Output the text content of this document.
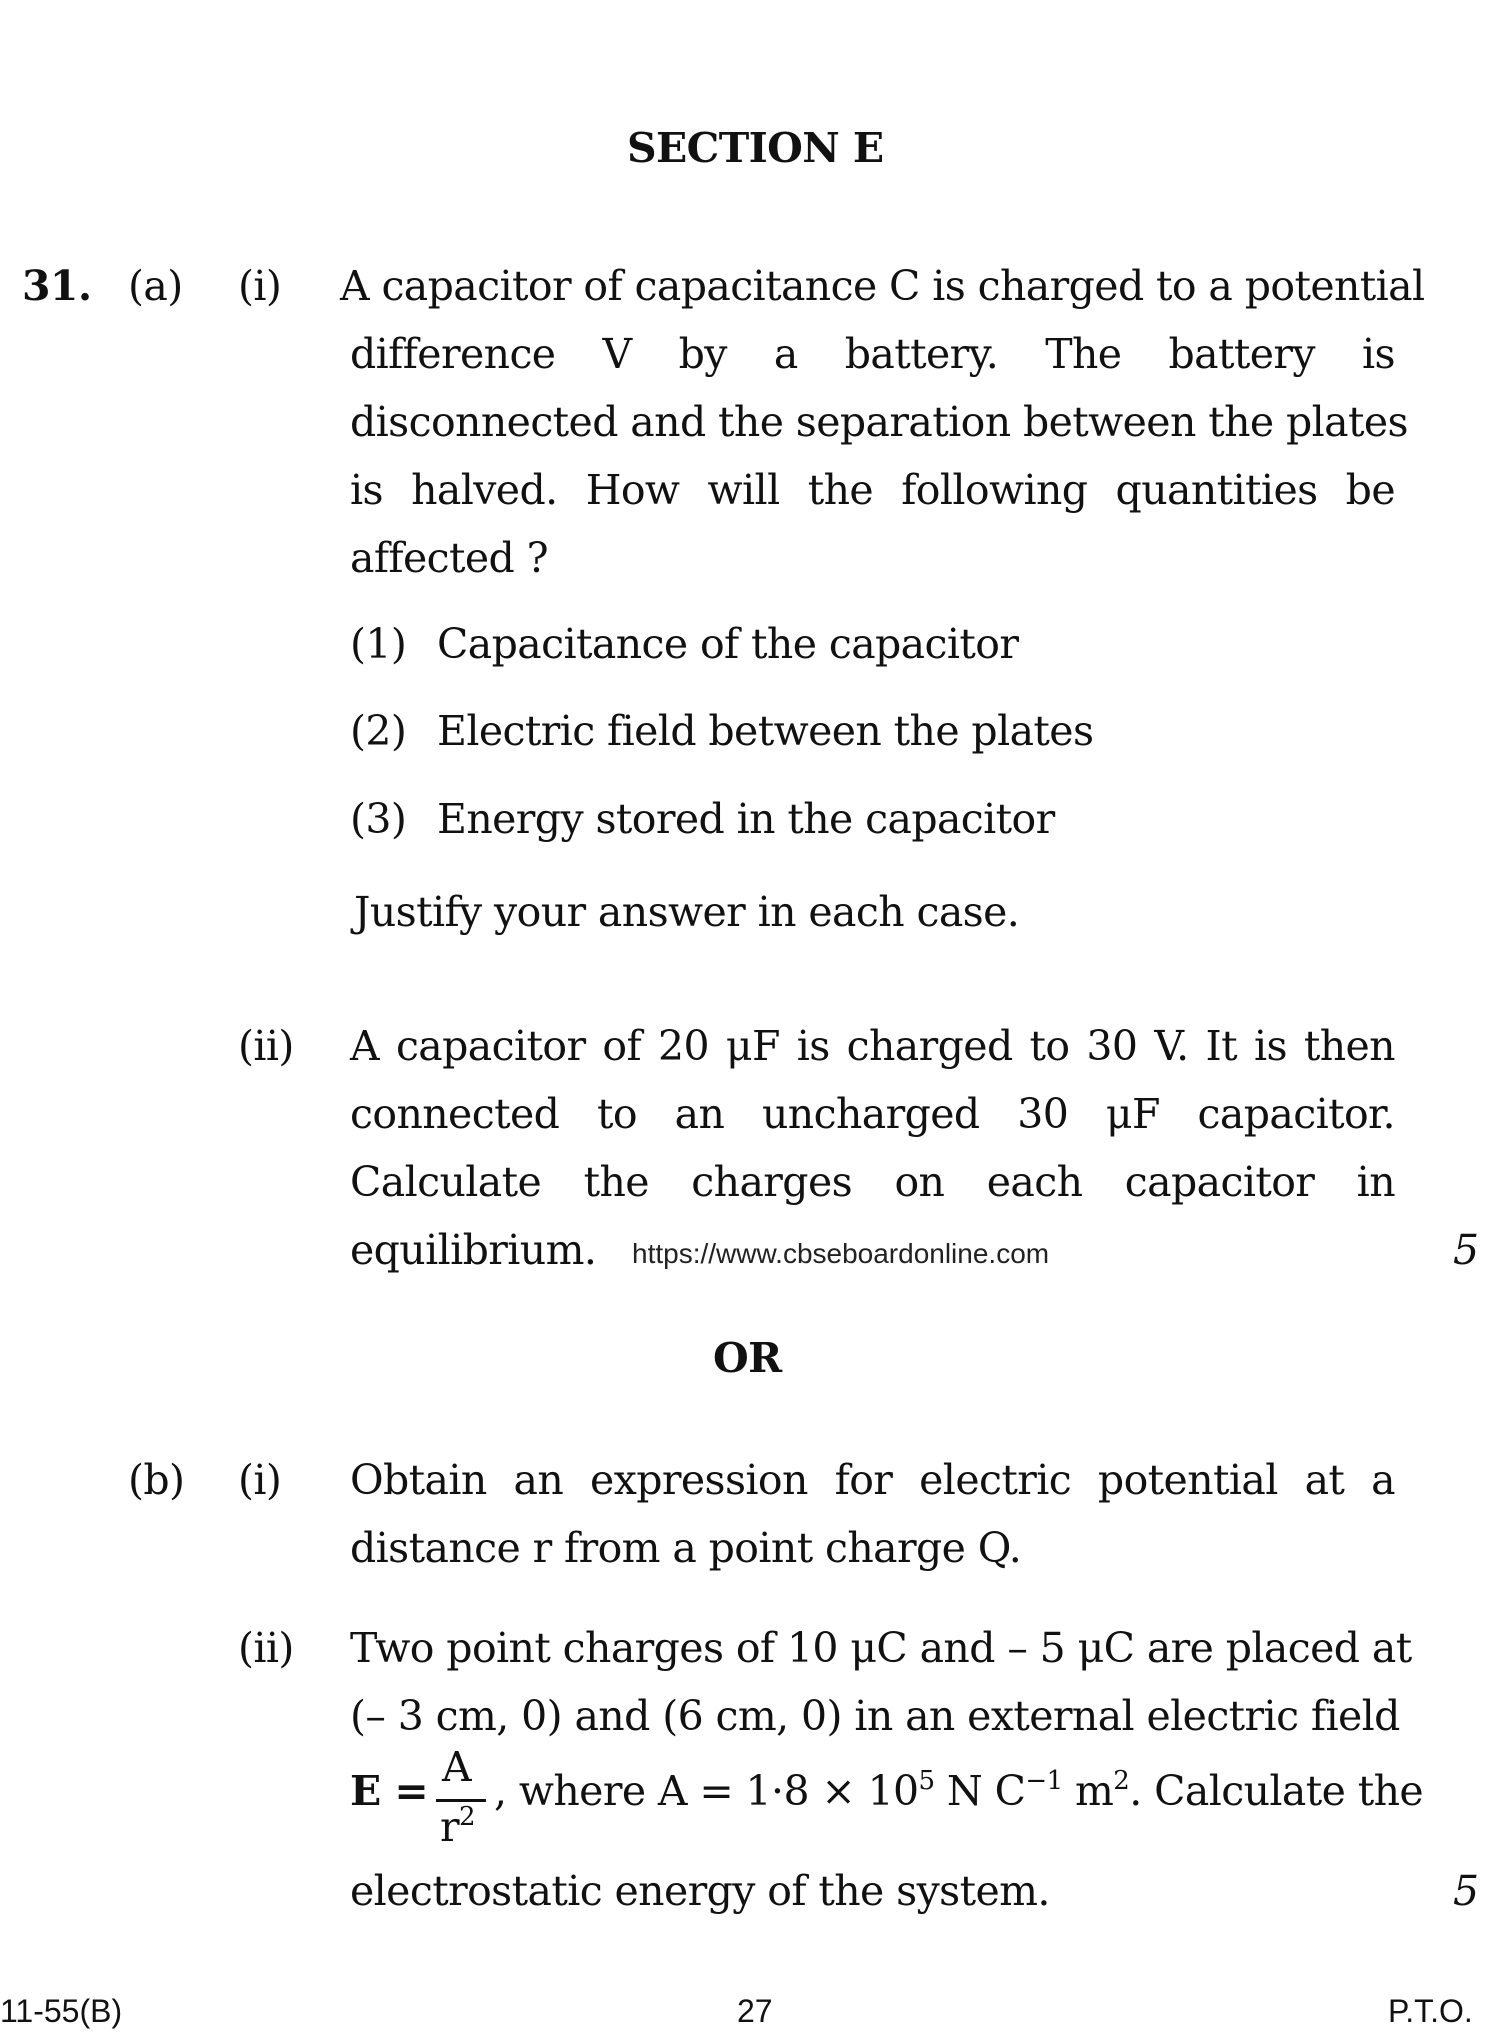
SECTION E
31. (a) (i) A capacitor of capacitance C is charged to a potential
difference V by a battery. The battery is
disconnected and the separation between the plates
is halved. How will the following quantities be
affected ?
(1) Capacitance of the capacitor
(2) Electric field between the plates
(3) Energy stored in the capacitor
Justify your answer in each case.
(ii) A capacitor of 20 μF is charged to 30 V. It is then
connected to an uncharged 30 μF capacitor.
Calculate the charges on each capacitor in
equilibrium. https://www.cbseboardonline.com	5
OR
(b) (i) Obtain an expression for electric potential at a
distance r from a point charge Q.
(ii) Two point charges of 10 μC and – 5 μC are placed at
(– 3 cm, 0) and (6 cm, 0) in an external electric field
E = A
$r^2$
, where $A = 1\cdot 8 \times 10^5$ N $C^{-1}$ $m^2$. Calculate the
electrostatic energy of the system.	5
11-55(B)	27	P.T.O.
